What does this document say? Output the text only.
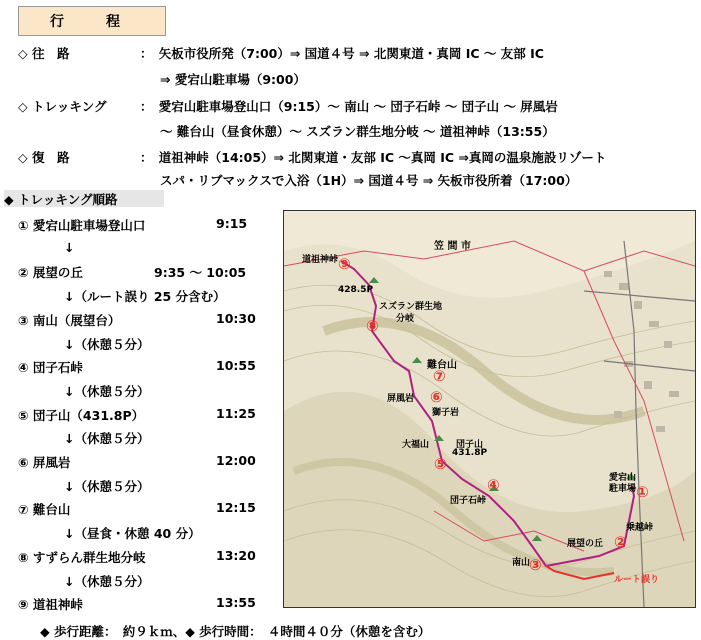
行　程
◇ 往　路	：　矢板市役所発（7:00）⇒ 国道４号 ⇒ 北関東道・真岡 IC ～ 友部 IC
⇒ 愛宕山駐車場（9:00）
◇ トレッキング	：　愛宕山駐車場登山口（9:15）～ 南山 ～ 団子石峠 ～ 団子山 ～ 屏風岩
～ 難台山（昼食休憩）～ スズラン群生地分岐 ～ 道祖神峠（13:55）
◇ 復　路	：　道祖神峠（14:05）⇒ 北関東道・友部 IC ～真岡 IC ⇒真岡の温泉施設リゾート
スパ・リブマックスで入浴（1H）⇒ 国道４号 ⇒ 矢板市役所着（17:00）
◆ トレッキング順路
① 愛宕山駐車場登山口	9:15
↓
② 展望の丘	9:35 ～ 10:05
↓（ルート誤り 25 分含む）
③ 南山（展望台）	10:30
↓（休憩５分）
④ 団子石峠	10:55
↓（休憩５分）
⑤ 団子山（431.8P）	11:25
↓（休憩５分）
⑥ 屏風岩	12:00
↓（休憩５分）
⑦ 難台山	12:15
↓（昼食・休憩 40 分）
⑧ すずらん群生地分岐	13:20
↓（休憩５分）
⑨ 道祖神峠	13:55
笠 間 市
道祖神峠
428.5P
スズラン群生地
分岐
難台山
屏風岩
獅子岩
大福山	団子山
431.8P
団子石峠
愛宕山
駐車場
乗越峠
展望の丘
南山
ルート誤り
①
②
③
④
⑤
⑥
⑦
⑧
⑨
◆ 歩行距離：　約９ｋｍ、◆ 歩行時間：　４時間４０分（休憩を含む）
